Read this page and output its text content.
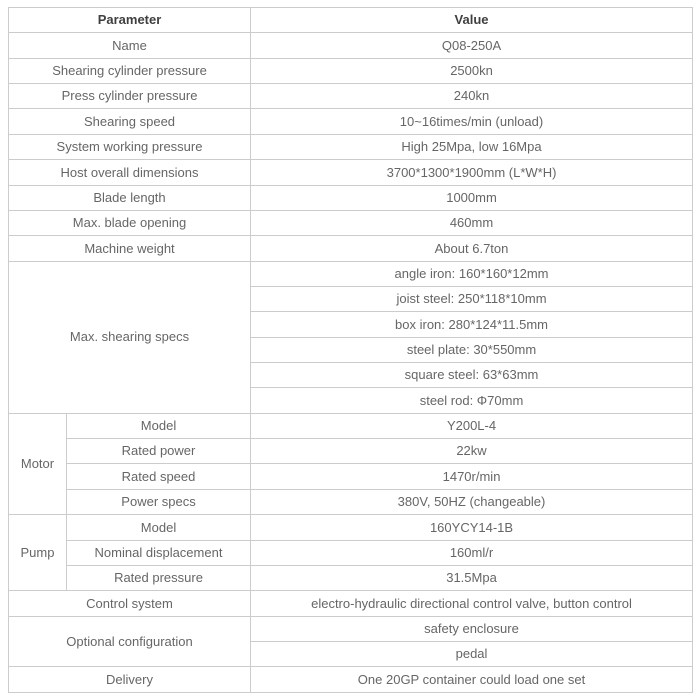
Parameter		Value
Name		Q08-250A
Shearing cylinder pressure		2500kn
Press cylinder pressure		240kn
Shearing speed		10~16times/min (unload)
System working pressure		High 25Mpa, low 16Mpa
Host overall dimensions		3700*1300*1900mm (L*W*H)
Blade length		1000mm
Max. blade opening		460mm
Machine weight		About 6.7ton
Max. shearing specs		angle iron: 160*160*12mm
		joist steel: 250*118*10mm
		box iron: 280*124*11.5mm
		steel plate: 30*550mm
		square steel: 63*63mm
		steel rod: Φ70mm
Motor	Model	Y200L-4
	Rated power	22kw
	Rated speed	1470r/min
	Power specs	380V, 50HZ (changeable)
Pump	Model	160YCY14-1B
	Nominal displacement	160ml/r
	Rated pressure	31.5Mpa
Control system		electro-hydraulic directional control valve, button control
Optional configuration		safety enclosure
		pedal
Delivery		One 20GP container could load one set
